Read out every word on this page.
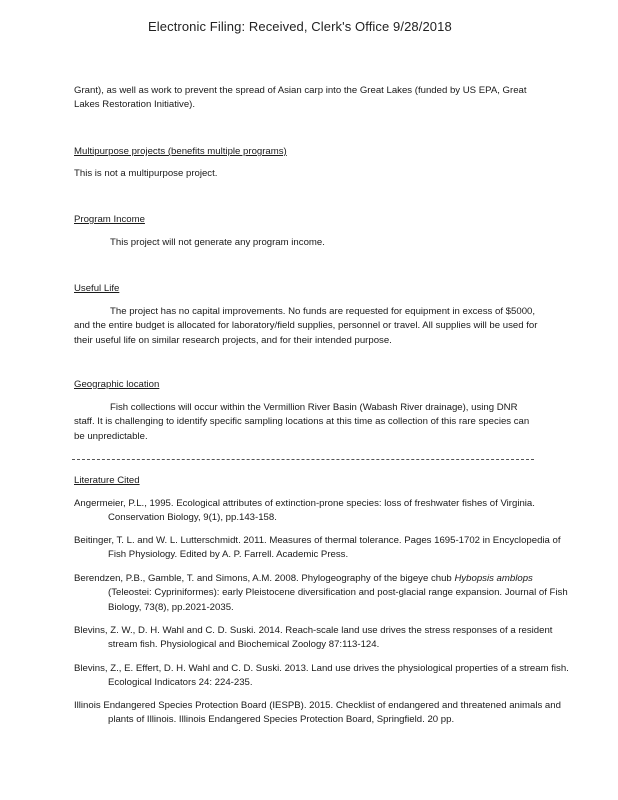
Electronic Filing: Received, Clerk's Office 9/28/2018
Grant), as well as work to prevent the spread of Asian carp into the Great Lakes (funded by US EPA, Great Lakes Restoration Initiative).
Multipurpose projects (benefits multiple programs)
This is not a multipurpose project.
Program Income
This project will not generate any program income.
Useful Life
The project has no capital improvements. No funds are requested for equipment in excess of $5000, and the entire budget is allocated for laboratory/field supplies, personnel or travel. All supplies will be used for their useful life on similar research projects, and for their intended purpose.
Geographic location
Fish collections will occur within the Vermillion River Basin (Wabash River drainage), using DNR staff. It is challenging to identify specific sampling locations at this time as collection of this rare species can be unpredictable.
Literature Cited
Angermeier, P.L., 1995. Ecological attributes of extinction-prone species: loss of freshwater fishes of Virginia. Conservation Biology, 9(1), pp.143-158.
Beitinger, T. L. and W. L. Lutterschmidt. 2011. Measures of thermal tolerance. Pages 1695-1702 in Encyclopedia of Fish Physiology. Edited by A. P. Farrell. Academic Press.
Berendzen, P.B., Gamble, T. and Simons, A.M. 2008. Phylogeography of the bigeye chub Hybopsis amblops (Teleostei: Cypriniformes): early Pleistocene diversification and post-glacial range expansion. Journal of Fish Biology, 73(8), pp.2021-2035.
Blevins, Z. W., D. H. Wahl and C. D. Suski. 2014. Reach-scale land use drives the stress responses of a resident stream fish. Physiological and Biochemical Zoology 87:113-124.
Blevins, Z., E. Effert, D. H. Wahl and C. D. Suski. 2013. Land use drives the physiological properties of a stream fish. Ecological Indicators 24: 224-235.
Illinois Endangered Species Protection Board (IESPB). 2015. Checklist of endangered and threatened animals and plants of Illinois. Illinois Endangered Species Protection Board, Springfield. 20 pp.
